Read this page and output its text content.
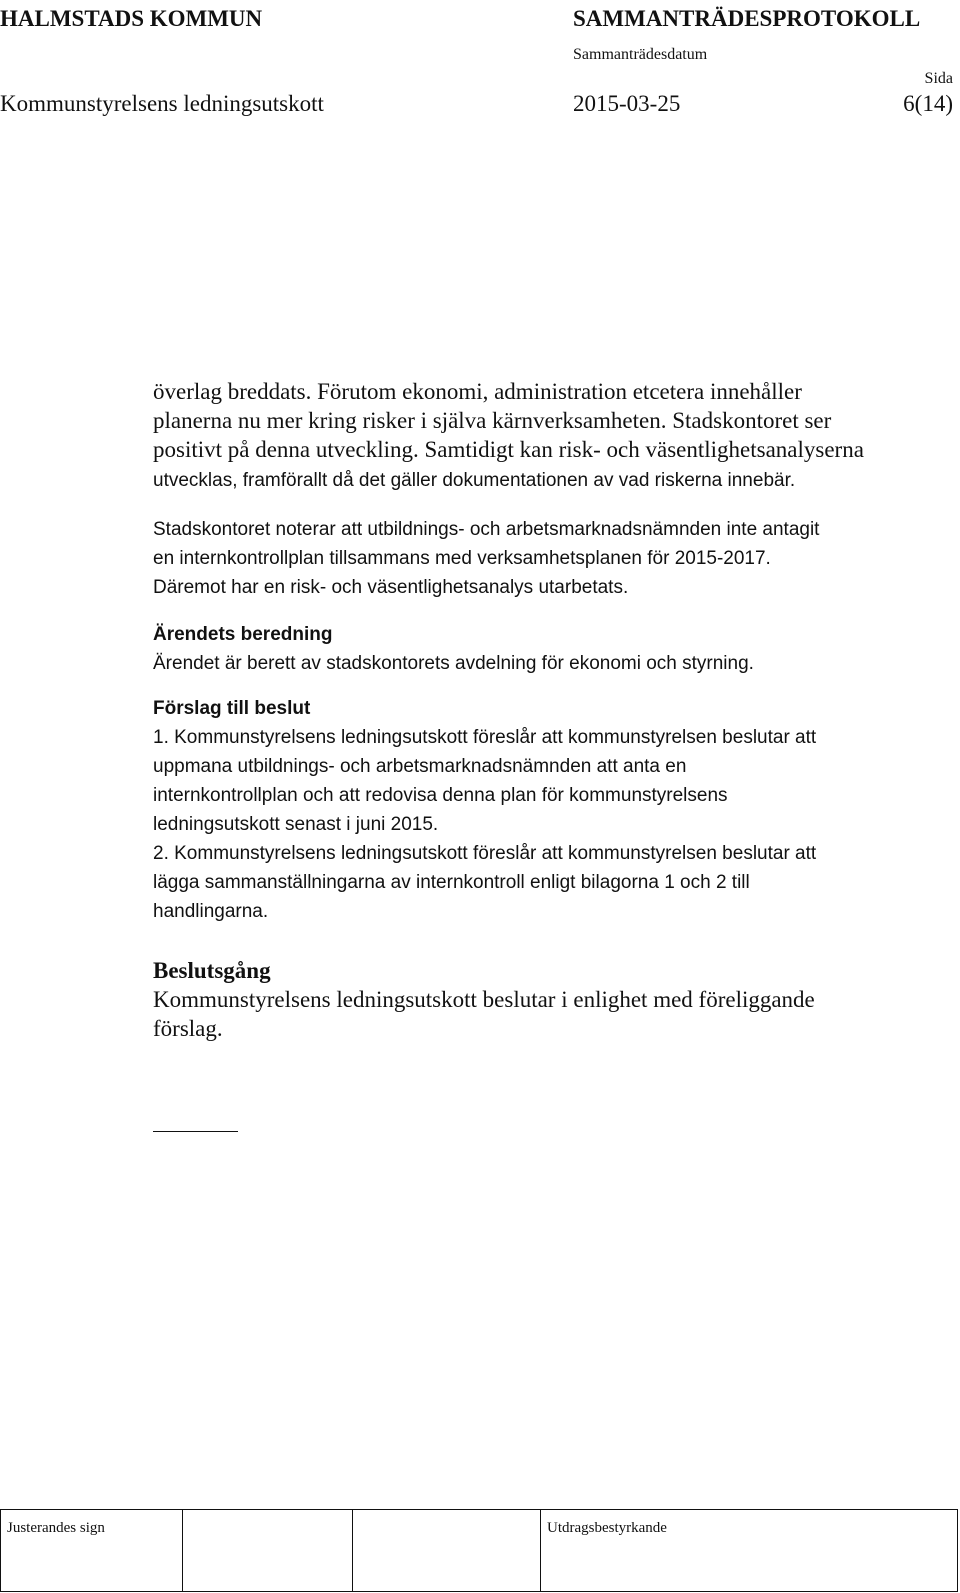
HALMSTADS KOMMUN	SAMMANTRÄDESPROTOKOLL
Sammanträdesdatum
Sida
Kommunstyrelsens ledningsutskott	2015-03-25	6(14)

överlag breddats. Förutom ekonomi, administration etcetera innehåller
planerna nu mer kring risker i själva kärnverksamheten. Stadskontoret ser
positivt på denna utveckling. Samtidigt kan risk- och väsentlighetsanalyserna
utvecklas, framförallt då det gäller dokumentationen av vad riskerna innebär.

Stadskontoret noterar att utbildnings- och arbetsmarknadsnämnden inte antagit
en internkontrollplan tillsammans med verksamhetsplanen för 2015-2017.
Däremot har en risk- och väsentlighetsanalys utarbetats.

Ärendets beredning

Ärendet är berett av stadskontorets avdelning för ekonomi och styrning.

Förslag till beslut

1. Kommunstyrelsens ledningsutskott föreslår att kommunstyrelsen beslutar att
uppmana utbildnings- och arbetsmarknadsnämnden att anta en
internkontrollplan och att redovisa denna plan för kommunstyrelsens
ledningsutskott senast i juni 2015.
2. Kommunstyrelsens ledningsutskott föreslår att kommunstyrelsen beslutar att
lägga sammanställningarna av internkontroll enligt bilagorna 1 och 2 till
handlingarna.

Beslutsgång

Kommunstyrelsens ledningsutskott beslutar i enlighet med föreliggande
förslag.

Justerandes sign	Utdragsbestyrkande
